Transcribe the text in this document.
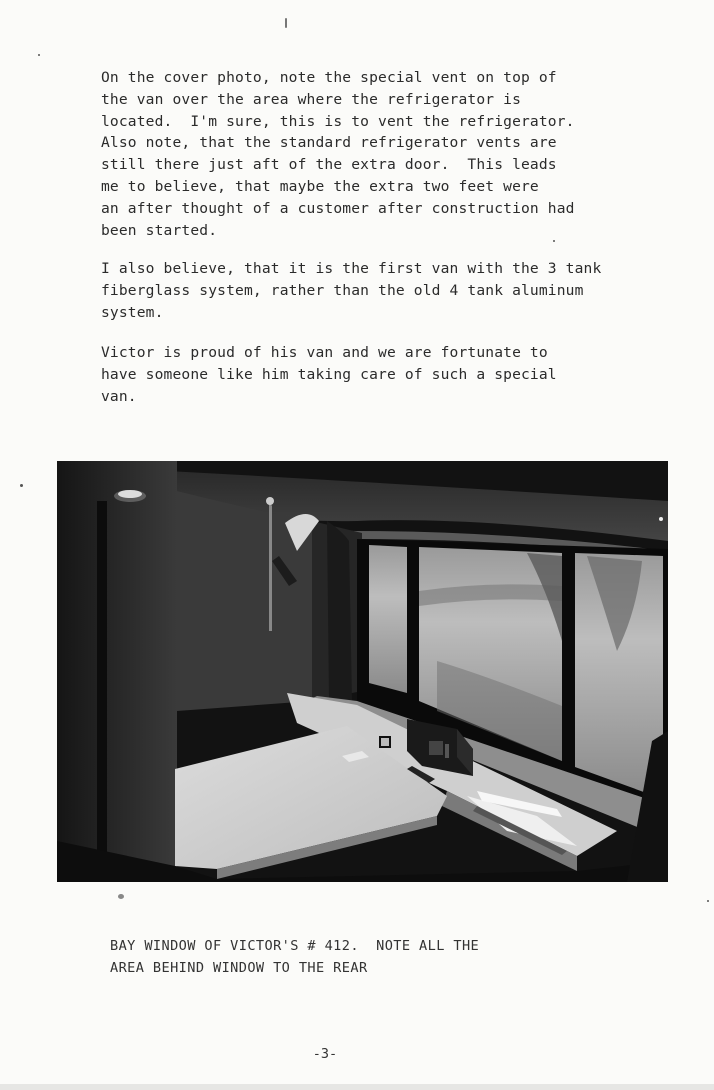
On the cover photo, note the special vent on top of
the van over the area where the refrigerator is
located.  I'm sure, this is to vent the refrigerator.
Also note, that the standard refrigerator vents are
still there just aft of the extra door.  This leads
me to believe, that maybe the extra two feet were
an after thought of a customer after construction had
been started.

I also believe, that it is the first van with the 3 tank
fiberglass system, rather than the old 4 tank aluminum
system.

Victor is proud of his van and we are fortunate to
have someone like him taking care of such a special
van.

BAY WINDOW OF VICTOR'S # 412.  NOTE ALL THE
AREA BEHIND WINDOW TO THE REAR

-3-
